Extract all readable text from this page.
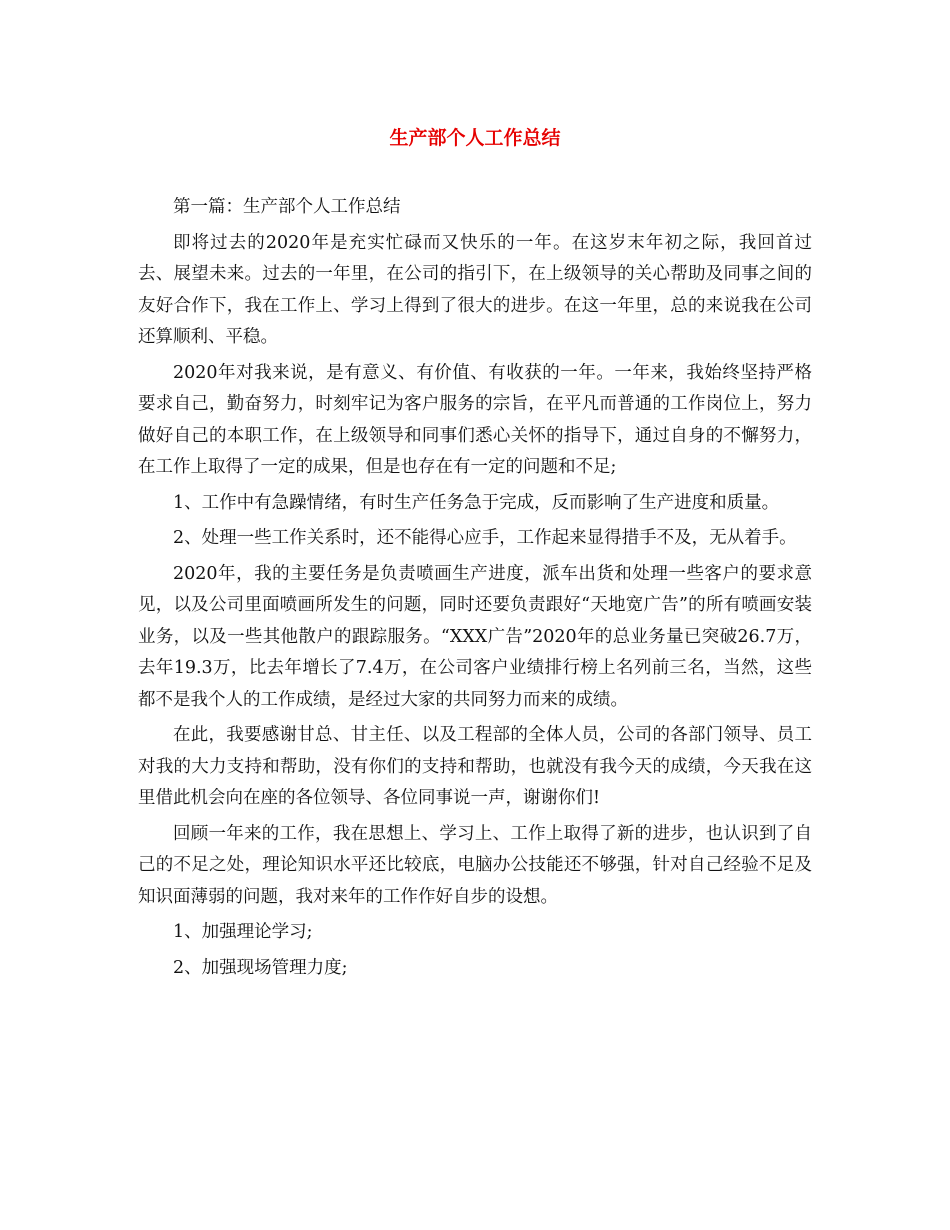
生产部个人工作总结

第一篇：生产部个人工作总结

即将过去的2020年是充实忙碌而又快乐的一年。在这岁末年初之际，我回首过去、展望未来。过去的一年里，在公司的指引下，在上级领导的关心帮助及同事之间的友好合作下，我在工作上、学习上得到了很大的进步。在这一年里，总的来说我在公司还算顺利、平稳。

2020年对我来说，是有意义、有价值、有收获的一年。一年来，我始终坚持严格要求自己，勤奋努力，时刻牢记为客户服务的宗旨，在平凡而普通的工作岗位上，努力做好自己的本职工作，在上级领导和同事们悉心关怀的指导下，通过自身的不懈努力，在工作上取得了一定的成果，但是也存在有一定的问题和不足;

1、工作中有急躁情绪，有时生产任务急于完成，反而影响了生产进度和质量。

2、处理一些工作关系时，还不能得心应手，工作起来显得措手不及，无从着手。

2020年，我的主要任务是负责喷画生产进度，派车出货和处理一些客户的要求意见，以及公司里面喷画所发生的问题，同时还要负责跟好“天地宽广告”的所有喷画安装业务，以及一些其他散户的跟踪服务。“XXX广告”2020年的总业务量已突破26.7万，去年19.3万，比去年增长了7.4万，在公司客户业绩排行榜上名列前三名，当然，这些都不是我个人的工作成绩，是经过大家的共同努力而来的成绩。

在此，我要感谢甘总、甘主任、以及工程部的全体人员，公司的各部门领导、员工对我的大力支持和帮助，没有你们的支持和帮助，也就没有我今天的成绩，今天我在这里借此机会向在座的各位领导、各位同事说一声，谢谢你们!

回顾一年来的工作，我在思想上、学习上、工作上取得了新的进步，也认识到了自己的不足之处，理论知识水平还比较底，电脑办公技能还不够强，针对自己经验不足及知识面薄弱的问题，我对来年的工作作好自步的设想。

1、加强理论学习;

2、加强现场管理力度;
